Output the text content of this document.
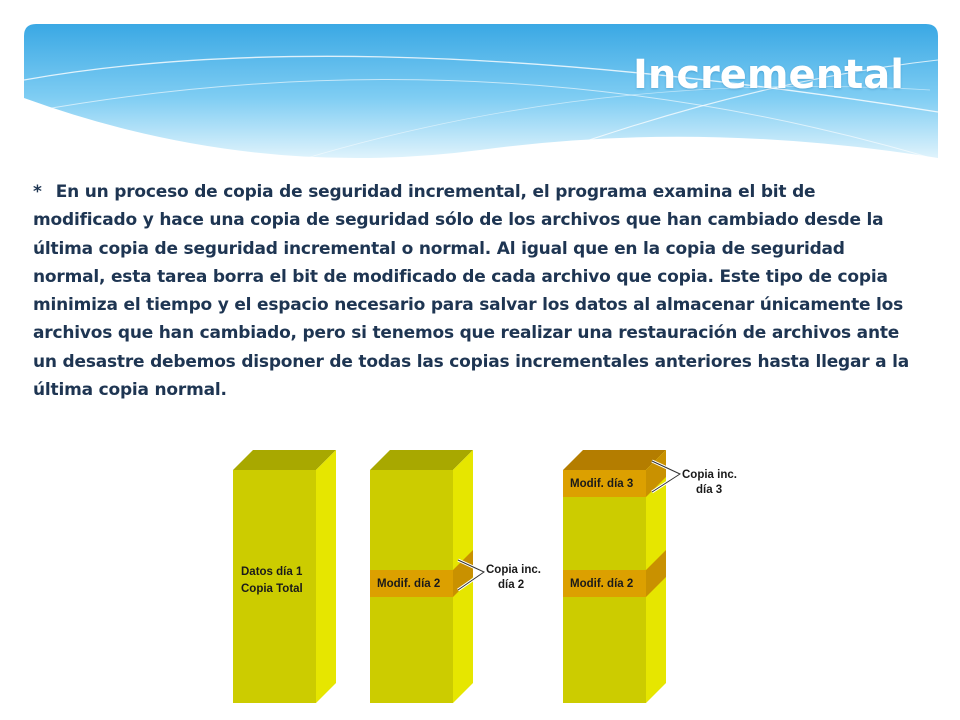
Incremental

* En un proceso de copia de seguridad incremental, el programa examina el bit de modificado y hace una copia de seguridad sólo de los archivos que han cambiado desde la última copia de seguridad incremental o normal. Al igual que en la copia de seguridad normal, esta tarea borra el bit de modificado de cada archivo que copia. Este tipo de copia minimiza el tiempo y el espacio necesario para salvar los datos al almacenar únicamente los archivos que han cambiado, pero si tenemos que realizar una restauración de archivos ante un desastre debemos disponer de todas las copias incrementales anteriores hasta llegar a la última copia normal.

Datos día 1
Copia Total	Modif. día 2
Copia inc.
día 2
Modif. día 3
Modif. día 2
Copia inc.
día 3
